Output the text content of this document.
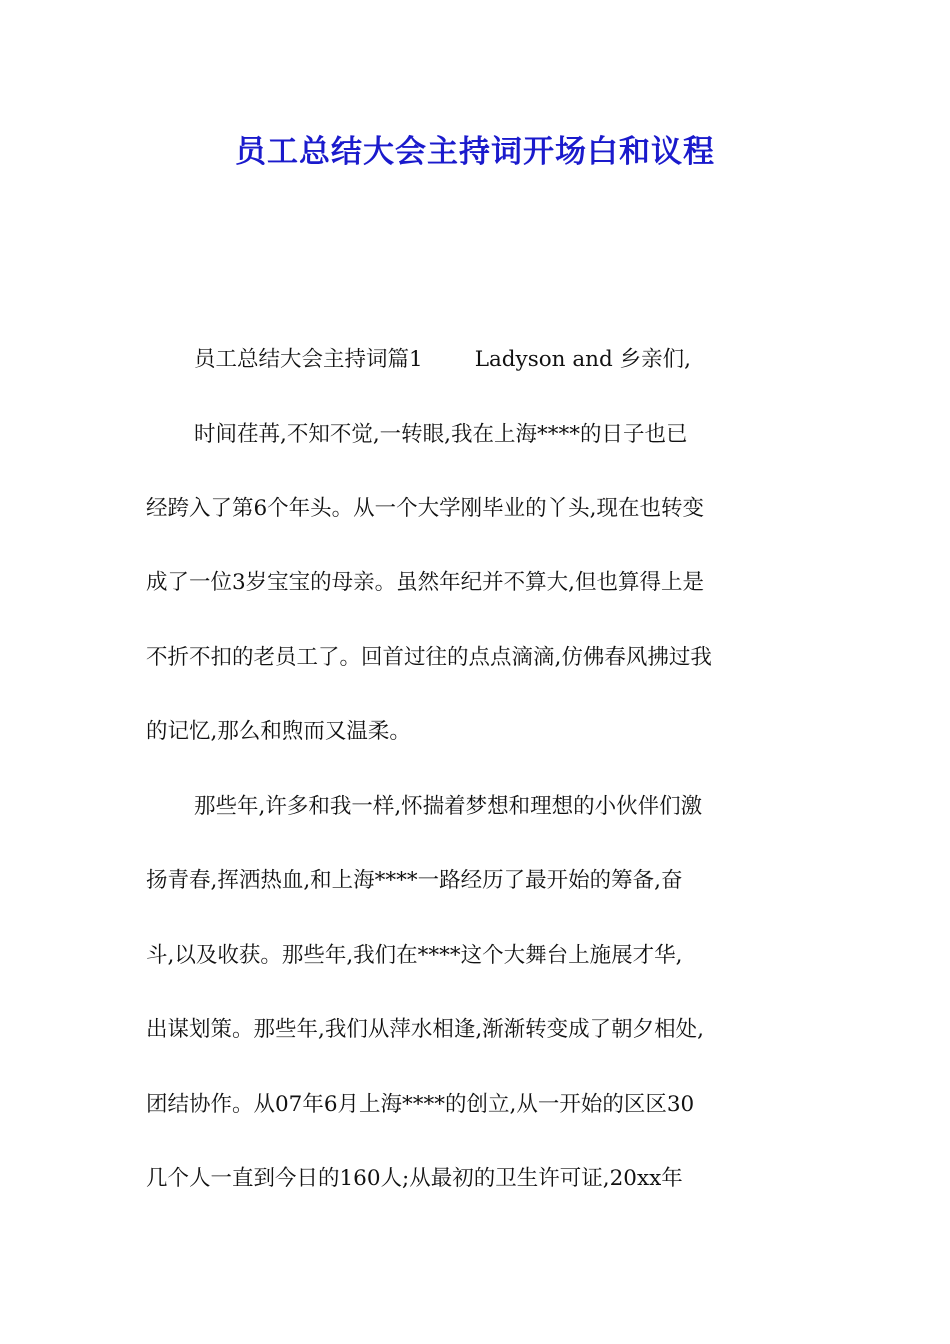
员工总结大会主持词开场白和议程

员工总结大会主持词篇1 Ladyson and 乡亲们,

时间荏苒,不知不觉,一转眼,我在上海****的日子也已

经跨入了第6个年头。从一个大学刚毕业的丫头,现在也转变

成了一位3岁宝宝的母亲。虽然年纪并不算大,但也算得上是

不折不扣的老员工了。回首过往的点点滴滴,仿佛春风拂过我

的记忆,那么和煦而又温柔。

那些年,许多和我一样,怀揣着梦想和理想的小伙伴们激

扬青春,挥洒热血,和上海****一路经历了最开始的筹备,奋

斗,以及收获。那些年,我们在****这个大舞台上施展才华,

出谋划策。那些年,我们从萍水相逢,渐渐转变成了朝夕相处,

团结协作。从07年6月上海****的创立,从一开始的区区30

几个人一直到今日的160人;从最初的卫生许可证,20xx年
